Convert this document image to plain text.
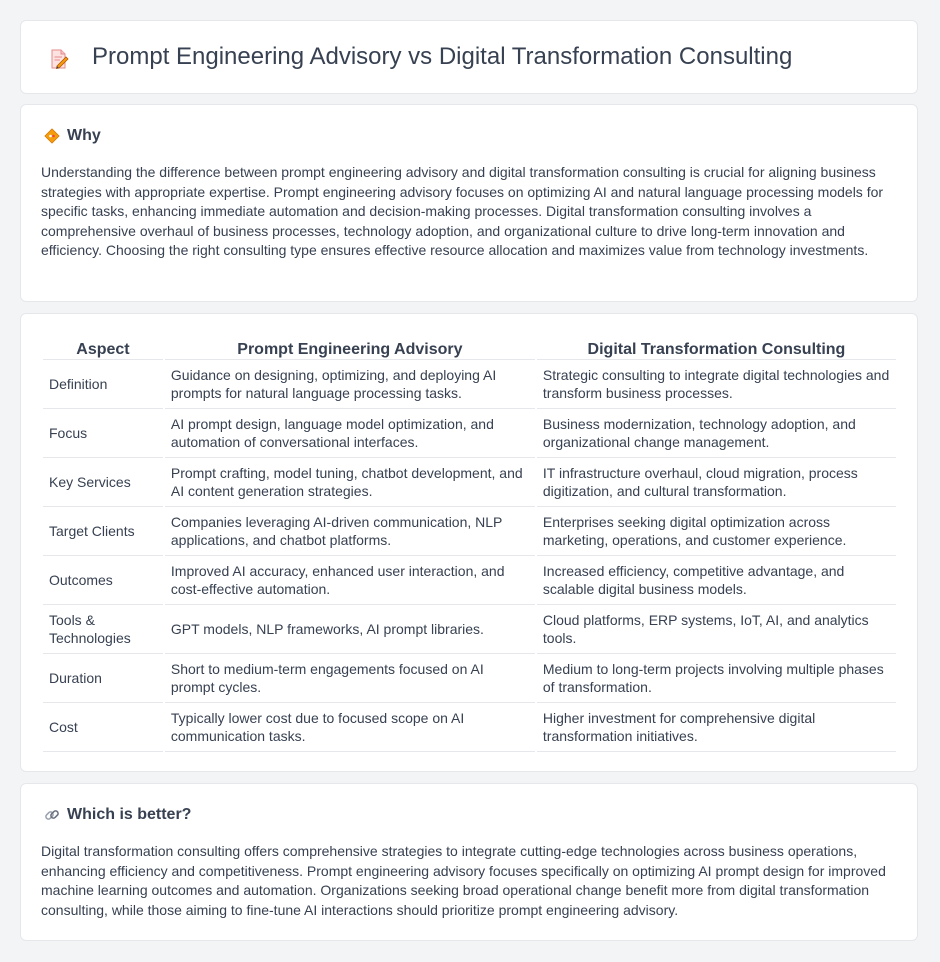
Prompt Engineering Advisory vs Digital Transformation Consulting
Why

Understanding the difference between prompt engineering advisory and digital transformation consulting is crucial for aligning business strategies with appropriate expertise. Prompt engineering advisory focuses on optimizing AI and natural language processing models for specific tasks, enhancing immediate automation and decision-making processes. Digital transformation consulting involves a comprehensive overhaul of business processes, technology adoption, and organizational culture to drive long-term innovation and efficiency. Choosing the right consulting type ensures effective resource allocation and maximizes value from technology investments.

Aspect	Prompt Engineering Advisory	Digital Transformation Consulting
Definition	Guidance on designing, optimizing, and deploying AI prompts for natural language processing tasks.	Strategic consulting to integrate digital technologies and transform business processes.
Focus	AI prompt design, language model optimization, and automation of conversational interfaces.	Business modernization, technology adoption, and organizational change management.
Key Services	Prompt crafting, model tuning, chatbot development, and AI content generation strategies.	IT infrastructure overhaul, cloud migration, process digitization, and cultural transformation.
Target Clients	Companies leveraging AI-driven communication, NLP applications, and chatbot platforms.	Enterprises seeking digital optimization across marketing, operations, and customer experience.
Outcomes	Improved AI accuracy, enhanced user interaction, and cost-effective automation.	Increased efficiency, competitive advantage, and scalable digital business models.
Tools & Technologies	GPT models, NLP frameworks, AI prompt libraries.	Cloud platforms, ERP systems, IoT, AI, and analytics tools.
Duration	Short to medium-term engagements focused on AI prompt cycles.	Medium to long-term projects involving multiple phases of transformation.
Cost	Typically lower cost due to focused scope on AI communication tasks.	Higher investment for comprehensive digital transformation initiatives.
Which is better?

Digital transformation consulting offers comprehensive strategies to integrate cutting-edge technologies across business operations, enhancing efficiency and competitiveness. Prompt engineering advisory focuses specifically on optimizing AI prompt design for improved machine learning outcomes and automation. Organizations seeking broad operational change benefit more from digital transformation consulting, while those aiming to fine-tune AI interactions should prioritize prompt engineering advisory.
